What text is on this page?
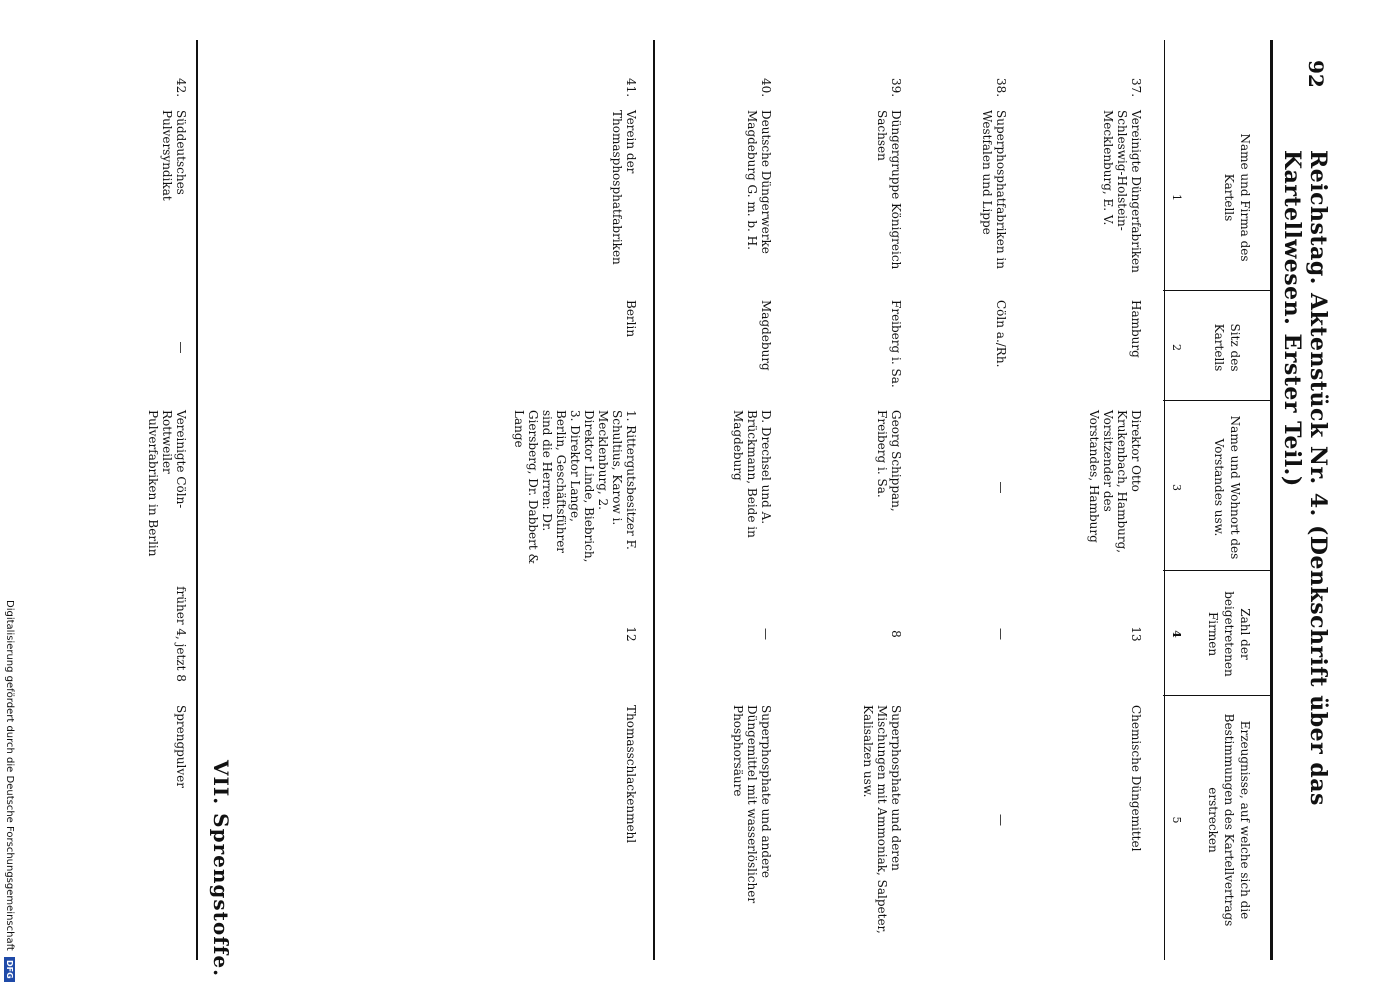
92
Reichstag. Aktenstück Nr. 4. (Denkschrift über das Kartellwesen. Erster Teil.)
Name und Firma des Kartells
Sitz des Kartells
Name und Wohnort des Vorstandes usw.
Zahl der beigetretenen Firmen
Erzeugnisse, auf welche sich die Bestimmungen des Kartellvertrags erstrecken
1
2
3
4
5
37.
Vereinigte Düngerfabriken Schleswig-Holstein-Mecklenburg, E. V.
Hamburg
Direktor Otto Krukenbach, Hamburg, Vorsitzender des Vorstandes, Hamburg
13
Chemische Düngemittel
38.
Superphosphatfabriken in Westfalen und Lippe
Cöln a./Rh.
—
—
—
39.
Düngergruppe Königreich Sachsen
Freiberg i. Sa.
Georg Schippan, Freiberg i. Sa.
8
Superphosphate und deren Mischungen mit Ammoniak, Salpeter, Kalisalzen usw.
40.
Deutsche Düngerwerke Magdeburg G. m. b. H.
Magdeburg
D. Drechsel und A. Brückmann, Beide in Magdeburg
—
Superphosphate und andere Düngemittel mit wasserlöslicher Phosphorsäure
41.
Verein der Thomasphosphatfabriken
Berlin
1. Rittergutsbesitzer F. Schultius, Karow i. Mecklenburg, 2. Direktor Linde, Biebrich, 3. Direktor Lange, Berlin, Geschäftsführer sind die Herren: Dr. Giersberg, Dr. Dabbert & Lange
12
Thomasschlackenmehl
VII. Sprengstoffe.
42.
Süddeutsches Pulversyndikat
—
Vereinigte Cöln-Rottweiler Pulverfabriken in Berlin
früher 4, jetzt 8
Sprengpulver
Digitalisierung gefördert durch die Deutsche Forschungsgemeinschaft DFG
